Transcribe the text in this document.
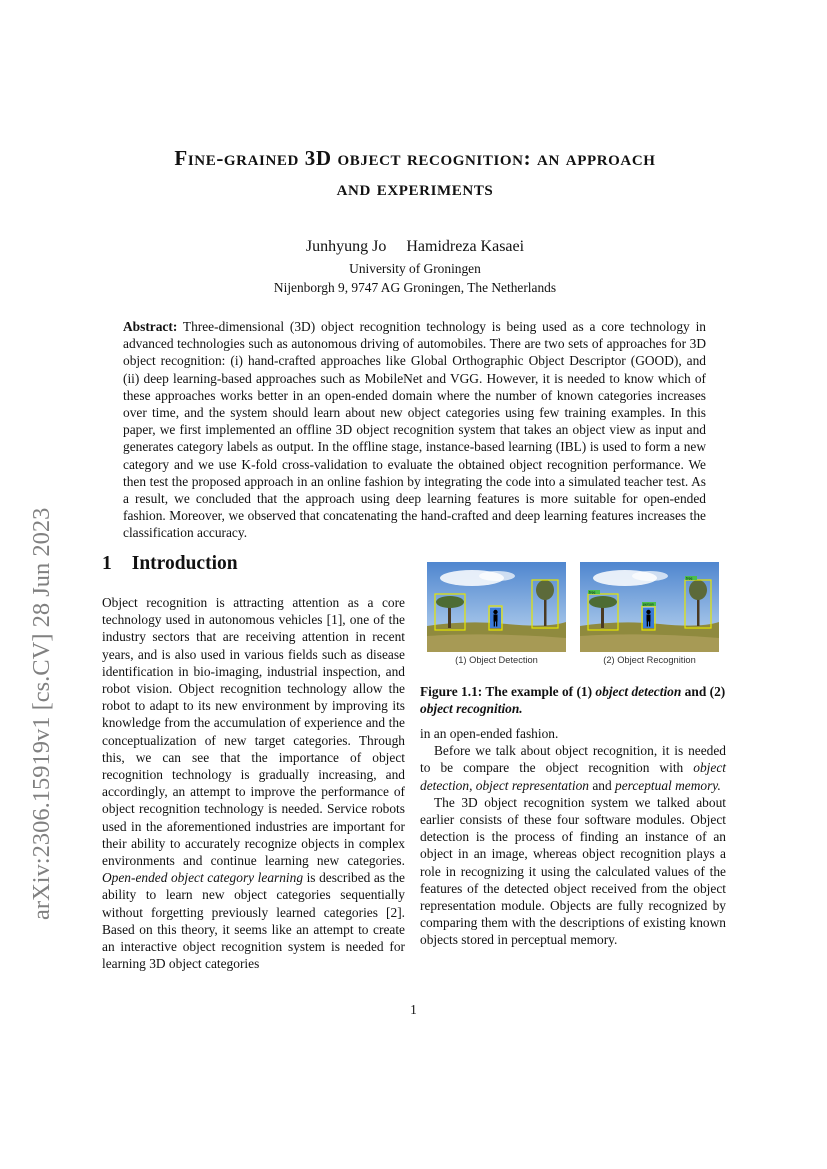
arXiv:2306.15919v1 [cs.CV] 28 Jun 2023
Fine-grained 3D object recognition: an approach
and experiments
Junhyung Jo     Hamidreza Kasaei
University of Groningen
Nijenborgh 9, 9747 AG Groningen, The Netherlands
Abstract: Three-dimensional (3D) object recognition technology is being used as a core technology in advanced technologies such as autonomous driving of automobiles. There are two sets of approaches for 3D object recognition: (i) hand-crafted approaches like Global Orthographic Object Descriptor (GOOD), and (ii) deep learning-based approaches such as MobileNet and VGG. However, it is needed to know which of these approaches works better in an open-ended domain where the number of known categories increases over time, and the system should learn about new object categories using few training examples. In this paper, we first implemented an offline 3D object recognition system that takes an object view as input and generates category labels as output. In the offline stage, instance-based learning (IBL) is used to form a new category and we use K-fold cross-validation to evaluate the obtained object recognition performance. We then test the proposed approach in an online fashion by integrating the code into a simulated teacher test. As a result, we concluded that the approach using deep learning features is more suitable for open-ended fashion. Moreover, we observed that concatenating the hand-crafted and deep learning features increases the classification accuracy.
1 Introduction
Object recognition is attracting attention as a core technology used in autonomous vehicles [1], one of the industry sectors that are receiving attention in recent years, and is also used in various fields such as disease identification in bio-imaging, industrial inspection, and robot vision. Object recognition technology allow the robot to adapt to its new environment by improving its knowledge from the accumulation of experience and the conceptualization of new target categories. Through this, we can see that the importance of object recognition technology is gradually increasing, and accordingly, an attempt to improve the performance of object recognition technology is needed. Service robots used in the aforementioned industries are important for their ability to accurately recognize objects in complex environments and continue learning new categories. Open-ended object category learning is described as the ability to learn new object categories sequentially without forgetting previously learned categories [2]. Based on this theory, it seems like an attempt to create an interactive object recognition system is needed for learning 3D object categories
tree
person
tree
(1) Object Detection	(2) Object Recognition
Figure 1.1: The example of (1) object detection and (2) object recognition.
in an open-ended fashion.
Before we talk about object recognition, it is needed to be compare the object recognition with object detection, object representation and perceptual memory.
The 3D object recognition system we talked about earlier consists of these four software modules. Object detection is the process of finding an instance of an object in an image, whereas object recognition plays a role in recognizing it using the calculated values of the features of the detected object received from the object representation module. Objects are fully recognized by comparing them with the descriptions of existing known objects stored in perceptual memory.
1
